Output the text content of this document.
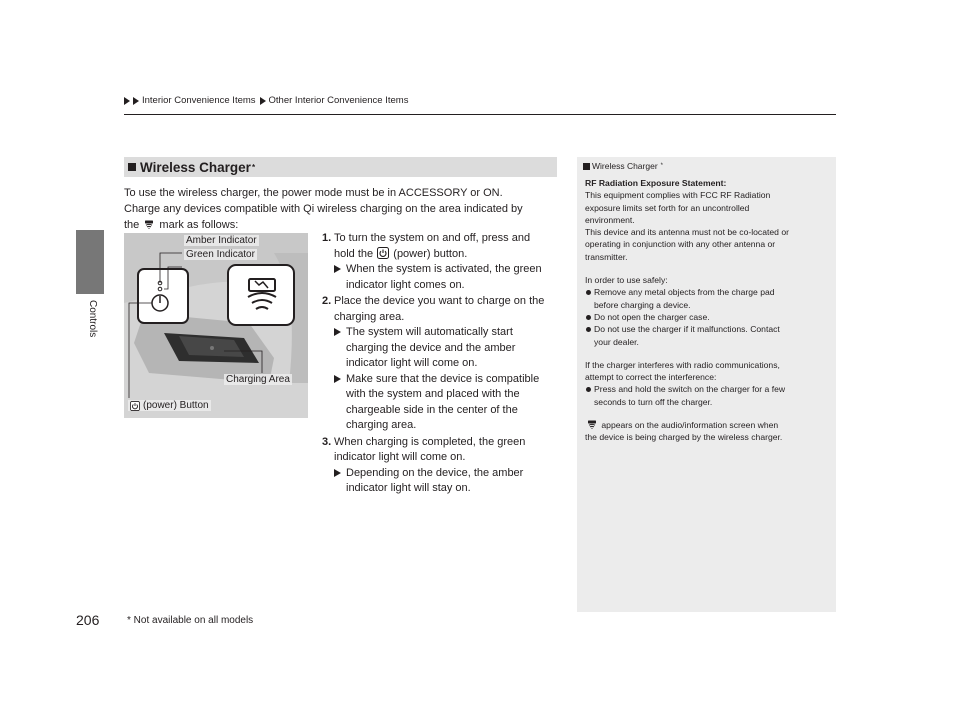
Interior Convenience Items Other Interior Convenience Items
Controls
206	* Not available on all models
Wireless Charger *
To use the wireless charger, the power mode must be in ACCESSORY or ON.
Charge any devices compatible with Qi wireless charging on the area indicated by
the mark as follows:
Amber Indicator
Green Indicator
Charging Area
(power) Button
1. To turn the system on and off, press and
hold the (power) button.
When the system is activated, the green
indicator light comes on.
2. Place the device you want to charge on the
charging area.
The system will automatically start
charging the device and the amber
indicator light will come on.
Make sure that the device is compatible
with the system and placed with the
chargeable side in the center of the
charging area.
3. When charging is completed, the green
indicator light will come on.
Depending on the device, the amber
indicator light will stay on.
Wireless Charger *

RF Radiation Exposure Statement:

This equipment complies with FCC RF Radiation

exposure limits set forth for an uncontrolled

environment.

This device and its antenna must not be co-located or

operating in conjunction with any other antenna or

transmitter.

In order to use safely:

Remove any metal objects from the charge pad

before charging a device.

Do not open the charger case.

Do not use the charger if it malfunctions. Contact

your dealer.

If the charger interferes with radio communications,

attempt to correct the interference:

Press and hold the switch on the charger for a few

seconds to turn off the charger.

appears on the audio/information screen when

the device is being charged by the wireless charger.
